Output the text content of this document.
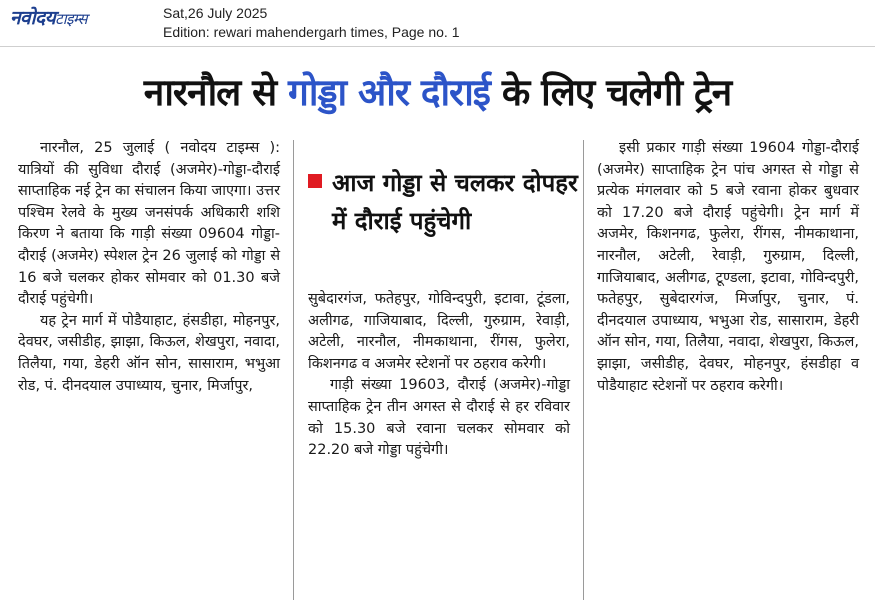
नवोदयटाइम्स	Sat,26 July 2025
Edition: rewari mahendergarh times, Page no. 1
नारनौल से गोड्डा और दौराई के लिए चलेगी ट्रेन

नारनौल, 25 जुलाई ( नवोदय टाइम्स ): यात्रियों की सुविधा दौराई (अजमेर)-गोड्डा-दौराई साप्ताहिक नई ट्रेन का संचालन किया जाएगा। उत्तर पश्चिम रेलवे के मुख्य जनसंपर्क अधिकारी शशि किरण ने बताया कि गाड़ी संख्या 09604 गोड्डा- दौराई (अजमेर) स्पेशल ट्रेन 26 जुलाई को गोड्डा से 16 बजे चलकर होकर सोमवार को 01.30 बजे दौराई पहुंचेगी।

यह ट्रेन मार्ग में पोडैयाहाट, हंसडीहा, मोहनपुर, देवघर, जसीडीह, झाझा, किऊल, शेखपुरा, नवादा, तिलैया, गया, डेहरी ऑन सोन, सासाराम, भभुआ रोड, पं. दीनदयाल उपाध्याय, चुनार, मिर्जापुर,

आज गोड्डा से चलकर दोपहर में दौराई पहुंचेगी

सुबेदारगंज, फतेहपुर, गोविन्दपुरी, इटावा, टूंडला, अलीगढ, गाजियाबाद, दिल्ली, गुरुग्राम, रेवाड़ी, अटेली, नारनौल, नीमकाथाना, रींगस, फुलेरा, किशनगढ व अजमेर स्टेशनों पर ठहराव करेगी।

गाड़ी संख्या 19603, दौराई (अजमेर)-गोड्डा साप्ताहिक ट्रेन तीन अगस्त से दौराई से हर रविवार को 15.30 बजे रवाना चलकर सोमवार को 22.20 बजे गोड्डा पहुंचेगी।

इसी प्रकार गाड़ी संख्या 19604 गोड्डा-दौराई (अजमेर) साप्ताहिक ट्रेन पांच अगस्त से गोड्डा से प्रत्येक मंगलवार को 5 बजे रवाना होकर बुधवार को 17.20 बजे दौराई पहुंचेगी। ट्रेन मार्ग में अजमेर, किशनगढ, फुलेरा, रींगस, नीमकाथाना, नारनौल, अटेली, रेवाड़ी, गुरुग्राम, दिल्ली, गाजियाबाद, अलीगढ, टूण्डला, इटावा, गोविन्दपुरी, फतेहपुर, सुबेदारगंज, मिर्जापुर, चुनार, पं. दीनदयाल उपाध्याय, भभुआ रोड, सासाराम, डेहरी ऑन सोन, गया, तिलैया, नवादा, शेखपुरा, किऊल, झाझा, जसीडीह, देवघर, मोहनपुर, हंसडीहा व पोडैयाहाट स्टेशनों पर ठहराव करेगी।
